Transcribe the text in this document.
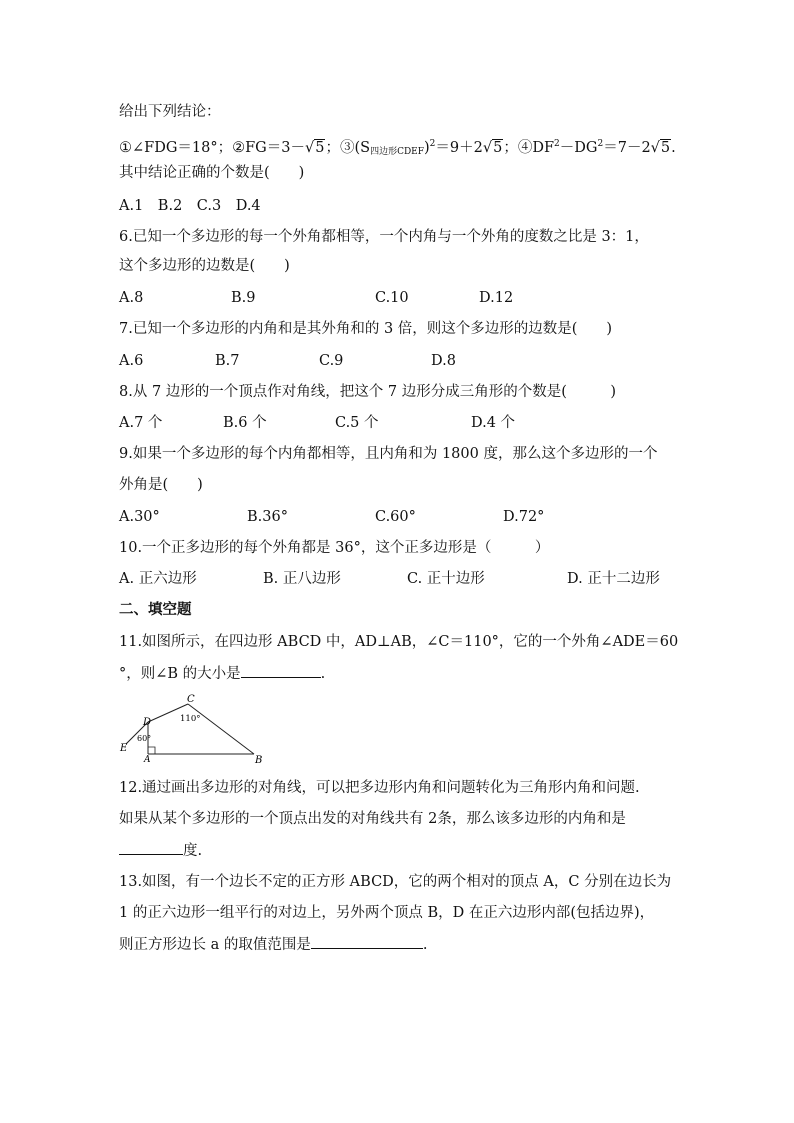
给出下列结论：
①∠FDG＝18°；②FG＝3－√5；$③(S_{四边形CDEF})^2=9+2√5$；$④DF^2-DG^2=7-2√5$.
其中结论正确的个数是(　　)
A.1　B.2　C.3　D.4
6.已知一个多边形的每一个外角都相等，一个内角与一个外角的度数之比是 3：1，
这个多边形的边数是(　　)
A.8	B.9	C.10	D.12
7.已知一个多边形的内角和是其外角和的 3 倍，则这个多边形的边数是(　　)
A.6	B.7	C.9	D.8
8.从 7 边形的一个顶点作对角线，把这个 7 边形分成三角形的个数是(　　　)
A.7 个	B.6 个	C.5 个	D.4 个
9.如果一个多边形的每个内角都相等，且内角和为 1800 度，那么这个多边形的一个
外角是(　　)
A.30°	B.36°	C.60°	D.72°
10.一个正多边形的每个外角都是 36°，这个正多边形是（　　　）
A. 正六边形	B. 正八边形	C. 正十边形	D. 正十二边形
二、填空题
11.如图所示，在四边形 ABCD 中，AD⊥AB，∠C＝110°，它的一个外角∠ADE＝60
°，则∠B 的大小是	.
C
D
E
A	B
110°
60°
12.通过画出多边形的对角线，可以把多边形内角和问题转化为三角形内角和问题.
如果从某个多边形的一个顶点出发的对角线共有 2条，那么该多边形的内角和是
度.
13.如图，有一个边长不定的正方形 ABCD，它的两个相对的顶点 A，C 分别在边长为
1 的正六边形一组平行的对边上，另外两个顶点 B，D 在正六边形内部(包括边界)，
则正方形边长 a 的取值范围是	.
